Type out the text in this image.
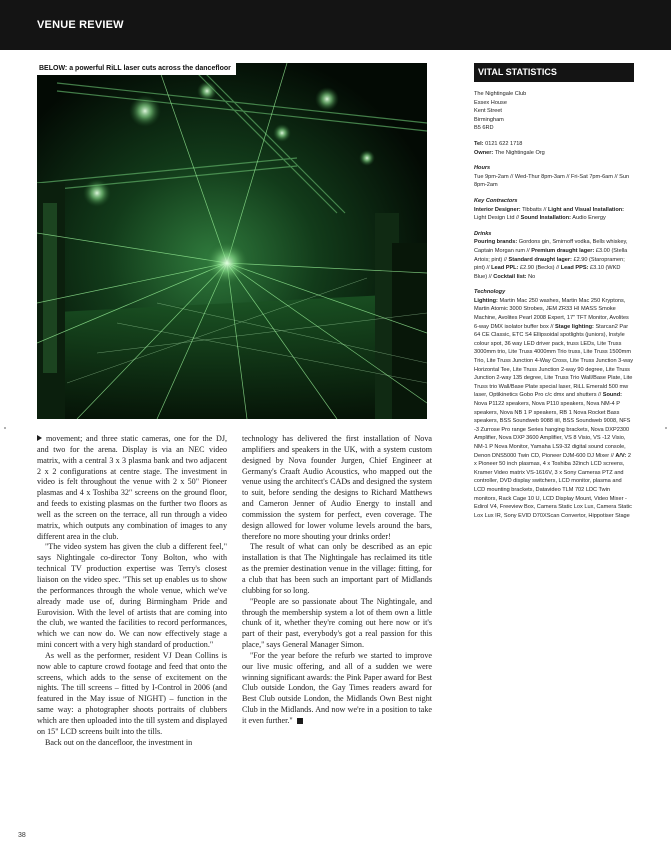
VENUE REVIEW
BELOW: a powerful RiLL laser cuts across the dancefloor

movement; and three static cameras, one for the DJ, and two for the arena. Display is via an NEC video matrix, with a central 3 x 3 plasma bank and two adjacent 2 x 2 configurations at centre stage. The investment in video is felt throughout the venue with 2 x 50" Pioneer plasmas and 4 x Toshiba 32" screens on the ground floor, and feeds to existing plasmas on the further two floors as well as the screen on the terrace, all run through a video matrix, which outputs any combination of images to any different area in the club.

"The video system has given the club a different feel," says Nightingale co-director Tony Bolton, who with technical TV production expertise was Terry's closest liaison on the video spec. "This set up enables us to show the performances through the whole venue, which we've already made use of, during Birmingham Pride and Eurovision. With the level of artists that are coming into the club, we wanted the facilities to record performances, which we can now do. We can now effectively stage a mini concert with a very high standard of production."

As well as the performer, resident VJ Dean Collins is now able to capture crowd footage and feed that onto the screens, which adds to the sense of excitement on the nights. The till screens – fitted by I-Control in 2006 (and featured in the May issue of NIGHT) – function in the same way: a photographer shoots portraits of clubbers which are then uploaded into the till system and displayed on 15" LCD screens built into the tills.

Back out on the dancefloor, the investment in

technology has delivered the first installation of Nova amplifiers and speakers in the UK, with a system custom designed by Nova founder Jurgen, Chief Engineer at Germany's Craaft Audio Acoustics, who mapped out the venue using the architect's CADs and designed the system to suit, before sending the designs to Richard Matthews and Cameron Jenner of Audio Energy to install and commission the system for perfect, even coverage. The design allowed for lower volume levels around the bars, therefore no more shouting your drinks order!

The result of what can only be described as an epic installation is that The Nightingale has reclaimed its title as the premier destination venue in the village: fitting, for a club that has been such an important part of Midlands clubbing for so long.

"People are so passionate about The Nightingale, and through the membership system a lot of them own a little chunk of it, whether they're coming out here now or it's part of their past, everybody's got a real passion for this place," says General Manager Simon.

"For the year before the refurb we started to improve our live music offering, and all of a sudden we were winning significant awards: the Pink Paper award for Best Club outside London, the Gay Times readers award for Best Club outside London, the Midlands Own Best night Club in the Midlands. And now we're in a position to take it even further."

VITAL STATISTICS
The Nightingale Club
Essex House
Kent Street
Birmingham
B5 6RD
Tel: 0121 622 1718
Owner: The Nightingale Org
Hours
Tue 9pm-2am // Wed-Thur 8pm-3am // Fri-Sat 7pm-6am // Sun 8pm-2am
Key Contractors
Interior Designer: Tibbatts // Light and Visual Installation: Light Design Ltd // Sound Installation: Audio Energy
Drinks
Pouring brands: Gordons gin, Smirnoff vodka, Bells whiskey, Captain Morgan rum // Premium draught lager: £3.00 (Stella Artois; pint) // Standard draught lager: £2.90 (Staropramen; pint) // Lead PPL: £2.90 (Becks) // Lead PPS: £3.10 (WKD Blue) // Cocktail list: No
Technology
Lighting: Martin Mac 250 washes, Martin Mac 250 Kryptons, Martin Atomic 3000 Strobes, JEM ZR33 HI MASS Smoke Machine, Avolites Pearl 2008 Expert, 17" TFT Monitor, Avolites 6-way DMX isolator buffer box // Stage lighting: Starcan2 Par 64 CE Classic, ETC S4 Ellipsoidal spotlights (juniors), Instyle colour spot, 36 way LED driver pack, truss LEDs, Lite Truss 3000mm trio, Lite Truss 4000mm Trio truss, Lite Truss 1500mm Trio, Lite Truss Junction 4-Way Cross, Lite Truss Junction 3-way Horizontal Tee, Lite Truss Junction 2-way 90 degree, Lite Truss Junction 2-way 135 degree, Lite Truss Trio Wall/Base Plate, Lite Truss trio Wall/Base Plate special laser, RiLL Emerald 500 mw laser, Optikinetics Gobo Pro c/c dmx and shutters // Sound: Nova P1122 speakers, Nova P110 speakers, Nova NM-4 P speakers, Nova NB 1 P speakers, RB 1 Nova Rocket Bass speakers, BSS Soundweb 9088 iiiI, BSS Soundweb 9008, NFS -3 Zurrose Pro range Series hanging brackets, Nova DXP2300 Amplifier, Nova DXP 3600 Amplifier, VS 8 Visio, VS -12 Visio, NM-1 P Nova Monitor, Yamaha LS9-32 digital sound console, Denon DNS5000 Twin CD, Pioneer DJM-600 DJ Mixer // A/V: 2 x Pioneer 50 inch plasmas, 4 x Toshiba 32inch LCD screens, Kramer Video matrix VS-1616V, 3 x Sony Cameras PTZ and controller, DVD display switchers, LCD monitor, plasma and LCD mounting brackets, Datavideo TLM 702 LDC Twin monitors, Rack Cage 10 U, LCD Display Mount, Video Mixer - Edirol V4, Freeview Box, Camera Static Lox Lux, Camera Static Lox Lux IR, Sony EVID D70XScan Convertor, Hippotiser Stage
38
